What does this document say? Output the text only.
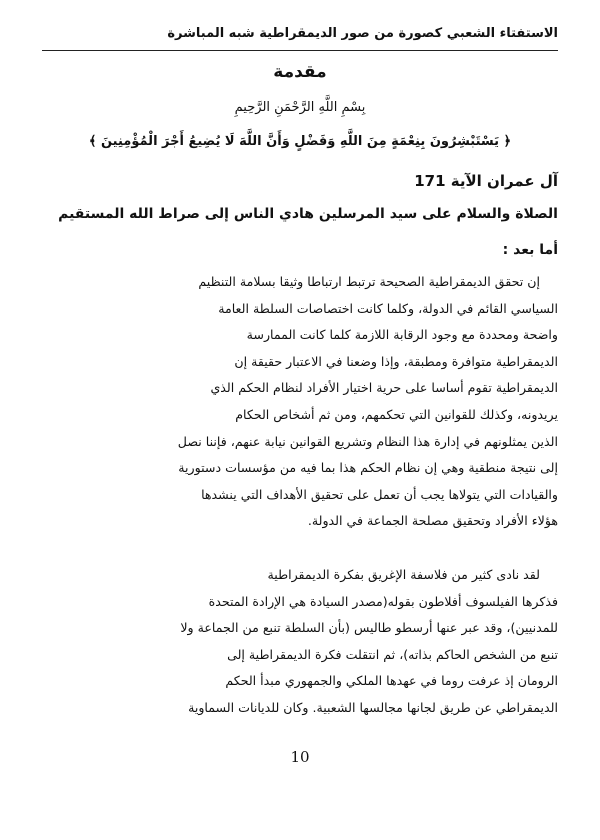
الاستفتاء الشعبي كصورة من صور الديمقراطية شبه المباشرة
مقدمة
بِسْمِ اللَّهِ الرَّحْمَنِ الرَّحِيمِ
﴿ يَسْتَبْشِرُونَ بِنِعْمَةٍ مِنَ اللَّهِ وَفَضْلٍ وَأَنَّ اللَّهَ لَا يُضِيعُ أَجْرَ الْمُؤْمِنِينَ ﴾
آل عمران الآية 171
الصلاة والسلام على سيد المرسلين هادي الناس إلى صراط الله المستقيم
أما بعد :

إن تحقق الديمقراطية الصحيحة ترتبط ارتباطا وثيقا بسلامة التنظيم
السياسي القائم في الدولة، وكلما كانت اختصاصات السلطة العامة
واضحة ومحددة مع وجود الرقابة اللازمة كلما كانت الممارسة
الديمقراطية متوافرة ومطبقة، وإذا وضعنا في الاعتبار حقيقة إن
الديمقراطية تقوم أساسا على حرية اختيار الأفراد لنظام الحكم الذي
يريدونه، وكذلك للقوانين التي تحكمهم، ومن ثم أشخاص الحكام
الذين يمثلونهم في إدارة هذا النظام وتشريع القوانين نيابة عنهم، فإننا نصل
إلى نتيجة منطقية وهي إن نظام الحكم هذا بما فيه من مؤسسات دستورية
والقيادات التي يتولاها يجب أن تعمل على تحقيق الأهداف التي ينشدها
هؤلاء الأفراد وتحقيق مصلحة الجماعة في الدولة.

لقد نادى كثير من فلاسفة الإغريق بفكرة الديمقراطية
فذكرها الفيلسوف أفلاطون بقوله(مصدر السيادة هي الإرادة المتحدة
للمدنيين)، وقد عبر عنها أرسطو طاليس (بأن السلطة تنبع من الجماعة ولا
تنبع من الشخص الحاكم بذاته)، ثم انتقلت فكرة الديمقراطية إلى
الرومان إذ عرفت روما في عهدها الملكي والجمهوري مبدأ الحكم
الديمقراطي عن طريق لجانها مجالسها الشعبية. وكان للديانات السماوية

10
